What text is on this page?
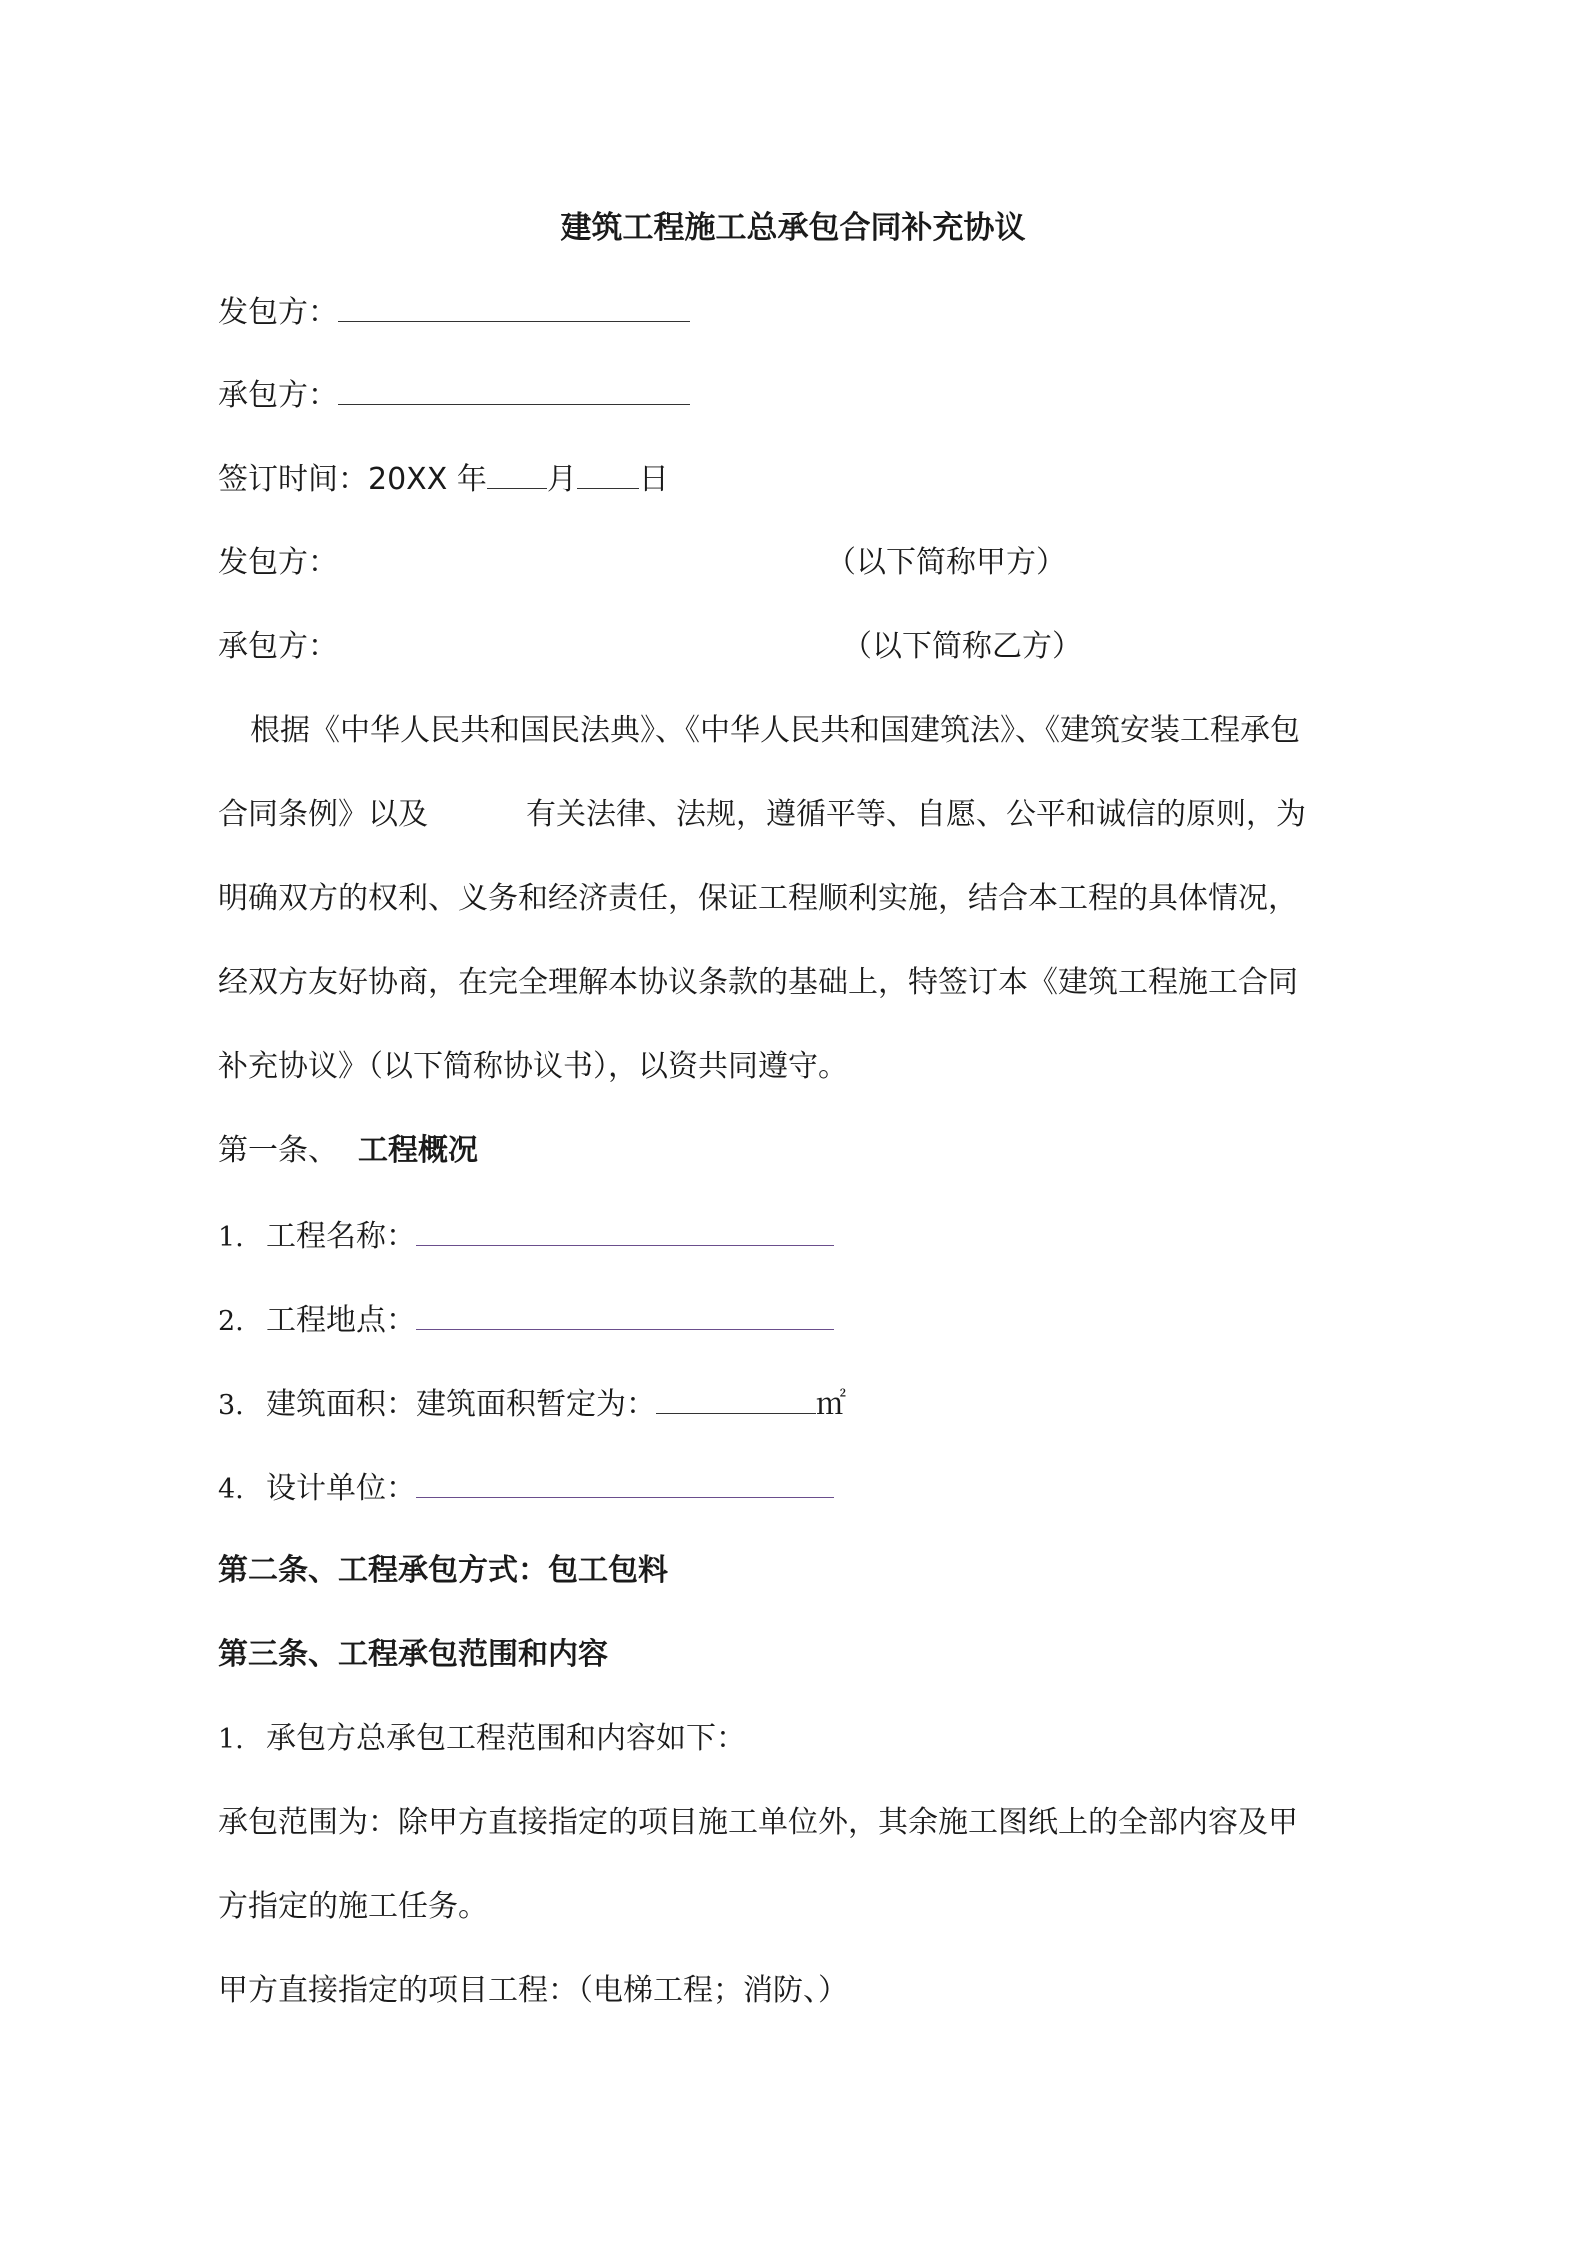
建筑工程施工总承包合同补充协议
发包方：
承包方：
签订时间：20XX 年 月 日
发包方：	（以下简称甲方）
承包方：	（以下简称乙方）
根据《中华人民共和国民法典》、《中华人民共和国建筑法》、《建筑安装工程承包
合同条例》以及	有关法律、法规，遵循平等、自愿、公平和诚信的原则，为
明确双方的权利、义务和经济责任，保证工程顺利实施，结合本工程的具体情况，
经双方友好协商，在完全理解本协议条款的基础上，特签订本《建筑工程施工合同
补充协议》（以下简称协议书），以资共同遵守。
第一条、 工程概况
1. 工程名称：
2. 工程地点：
3. 建筑面积：建筑面积暂定为：	㎡
4. 设计单位：
第二条、工程承包方式：包工包料
第三条、工程承包范围和内容
1. 承包方总承包工程范围和内容如下：
承包范围为：除甲方直接指定的项目施工单位外，其余施工图纸上的全部内容及甲
方指定的施工任务。
甲方直接指定的项目工程：（电梯工程；消防、）
